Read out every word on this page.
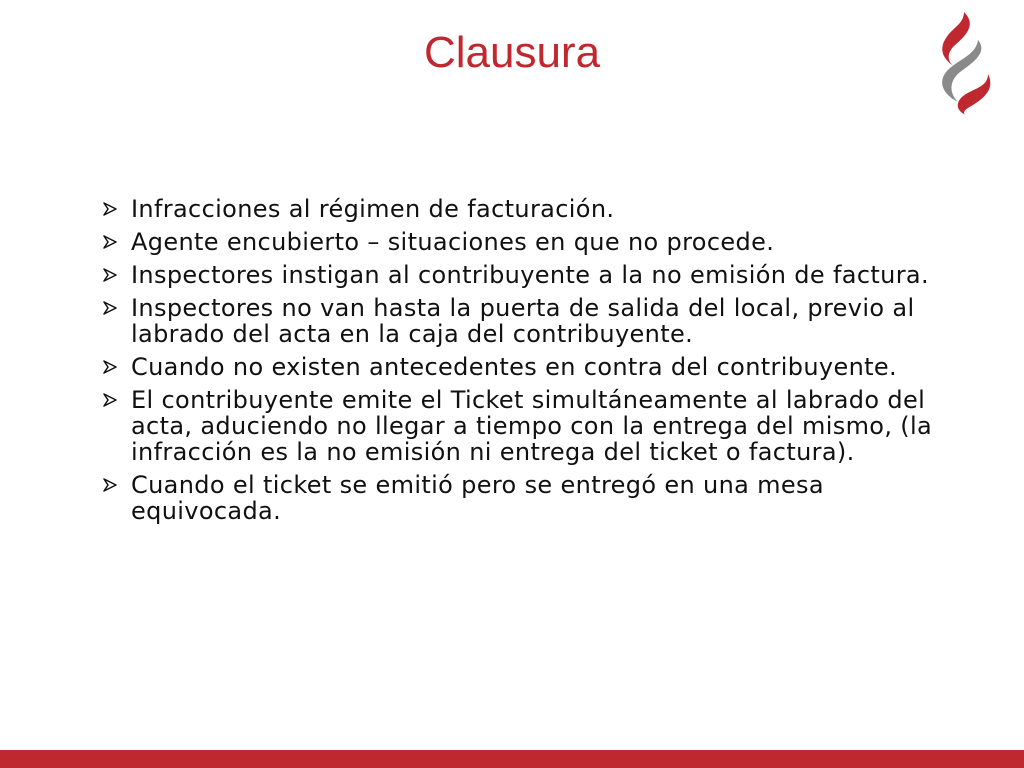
Clausura
Infracciones al régimen de facturación.
Agente encubierto – situaciones en que no procede.
Inspectores instigan al contribuyente a la no emisión de factura.
Inspectores no van hasta la puerta de salida del local, previo al labrado del acta en la caja del contribuyente.
Cuando no existen antecedentes en contra del contribuyente.
El contribuyente emite el Ticket simultáneamente al labrado del acta, aduciendo no llegar a tiempo con la entrega del mismo, (la infracción es la no emisión ni entrega del ticket o factura).
Cuando el ticket se emitió pero se entregó en una mesa equivocada.
